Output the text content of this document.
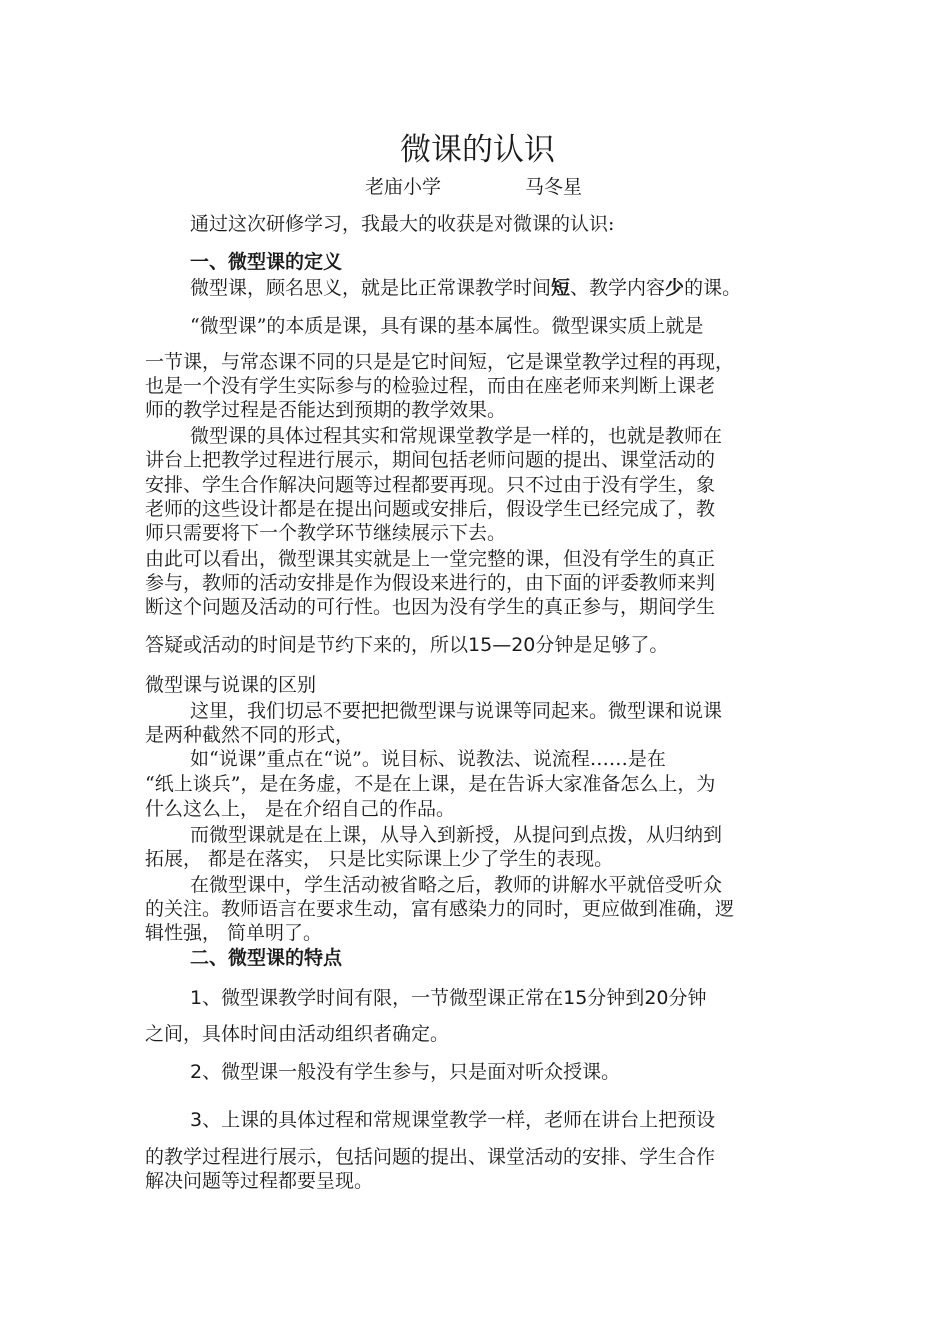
微课的认识
老庙小学	马冬星
通过这次研修学习，我最大的收获是对微课的认识:
一、微型课的定义
微型课，顾名思义，就是比正常课教学时间短、教学内容少的课。
“微型课”的本质是课，具有课的基本属性。微型课实质上就是
一节课，与常态课不同的只是是它时间短，它是课堂教学过程的再现，
也是一个没有学生实际参与的检验过程，而由在座老师来判断上课老
师的教学过程是否能达到预期的教学效果。
微型课的具体过程其实和常规课堂教学是一样的，也就是教师在
讲台上把教学过程进行展示，期间包括老师问题的提出、课堂活动的
安排、学生合作解决问题等过程都要再现。只不过由于没有学生，象
老师的这些设计都是在提出问题或安排后，假设学生已经完成了，教
师只需要将下一个教学环节继续展示下去。
由此可以看出，微型课其实就是上一堂完整的课，但没有学生的真正
参与，教师的活动安排是作为假设来进行的，由下面的评委教师来判
断这个问题及活动的可行性。也因为没有学生的真正参与，期间学生
答疑或活动的时间是节约下来的，所以15—20分钟是足够了。
微型课与说课的区别
这里，我们切忌不要把把微型课与说课等同起来。微型课和说课
是两种截然不同的形式，
如“说课”重点在“说”。说目标、说教法、说流程……是在
“纸上谈兵”，是在务虚，不是在上课，是在告诉大家准备怎么上，为
什么这么上， 是在介绍自己的作品。
而微型课就是在上课，从导入到新授，从提问到点拨，从归纳到
拓展， 都是在落实， 只是比实际课上少了学生的表现。
在微型课中，学生活动被省略之后，教师的讲解水平就倍受听众
的关注。教师语言在要求生动，富有感染力的同时，更应做到准确，逻
辑性强， 简单明了。
二、微型课的特点
1、微型课教学时间有限，一节微型课正常在15分钟到20分钟
之间，具体时间由活动组织者确定。
2、微型课一般没有学生参与，只是面对听众授课。
3、上课的具体过程和常规课堂教学一样，老师在讲台上把预设
的教学过程进行展示，包括问题的提出、课堂活动的安排、学生合作
解决问题等过程都要呈现。
